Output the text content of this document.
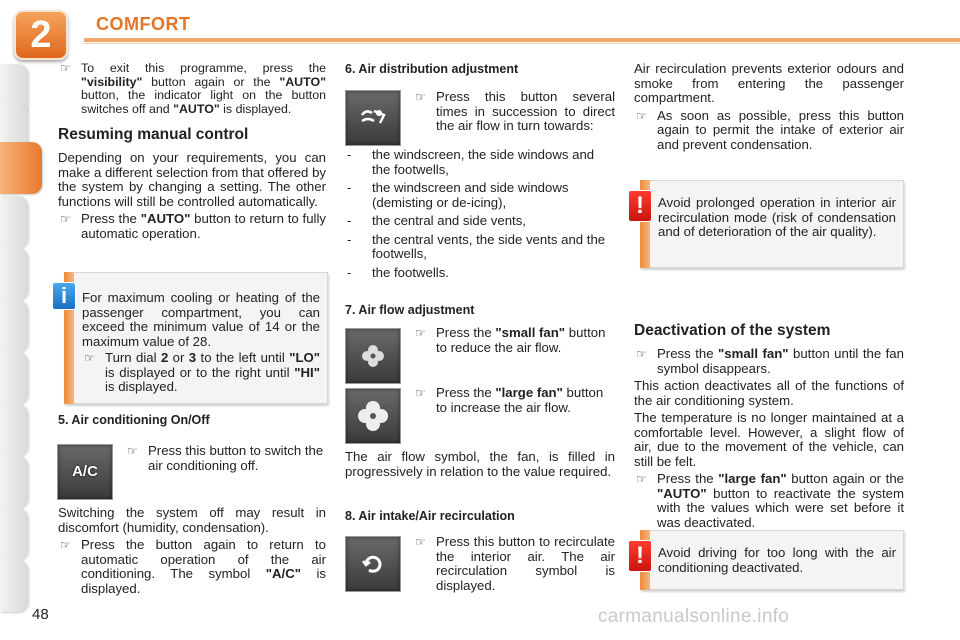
2	COMFORT
☞ To exit this programme, press the "visibility" button again or the "AUTO" button, the indicator light on the button switches off and "AUTO" is displayed.
Resuming manual control

Depending on your requirements, you can make a different selection from that offered by the system by changing a setting. The other functions will still be controlled automatically.

☞ Press the "AUTO" button to return to fully automatic operation.
i	For maximum cooling or heating of the passenger compartment, you can exceed the minimum value of 14 or the maximum value of 28.

☞ Turn dial 2 or 3 to the left until "LO" is displayed or to the right until "HI" is displayed.
5. Air conditioning On/Off
A/C
☞ Press this button to switch the air conditioning off.

Switching the system off may result in discomfort (humidity, condensation).

☞ Press the button again to return to automatic operation of the air conditioning. The symbol "A/C" is displayed.
6. Air distribution adjustment
☞ Press this button several times in succession to direct the air flow in turn towards:
- the windscreen, the side windows and the footwells,
- the windscreen and side windows (demisting or de-icing),
- the central and side vents,
- the central vents, the side vents and the footwells,
- the footwells.
7. Air flow adjustment
☞ Press the "small fan" button to reduce the air flow.
☞ Press the "large fan" button to increase the air flow.
The air flow symbol, the fan, is filled in progressively in relation to the value required.
8. Air intake/Air recirculation
☞ Press this button to recirculate the interior air. The air recirculation symbol is displayed.

Air recirculation prevents exterior odours and smoke from entering the passenger compartment.

☞ As soon as possible, press this button again to permit the intake of exterior air and prevent condensation.
!	Avoid prolonged operation in interior air recirculation mode (risk of condensation and of deterioration of the air quality).
Deactivation of the system
☞ Press the "small fan" button until the fan symbol disappears.

This action deactivates all of the functions of the air conditioning system.

The temperature is no longer maintained at a comfortable level. However, a slight flow of air, due to the movement of the vehicle, can still be felt.

☞ Press the "large fan" button again or the "AUTO" button to reactivate the system with the values which were set before it was deactivated.
!	Avoid driving for too long with the air conditioning deactivated.
48	carmanualsonline.info
